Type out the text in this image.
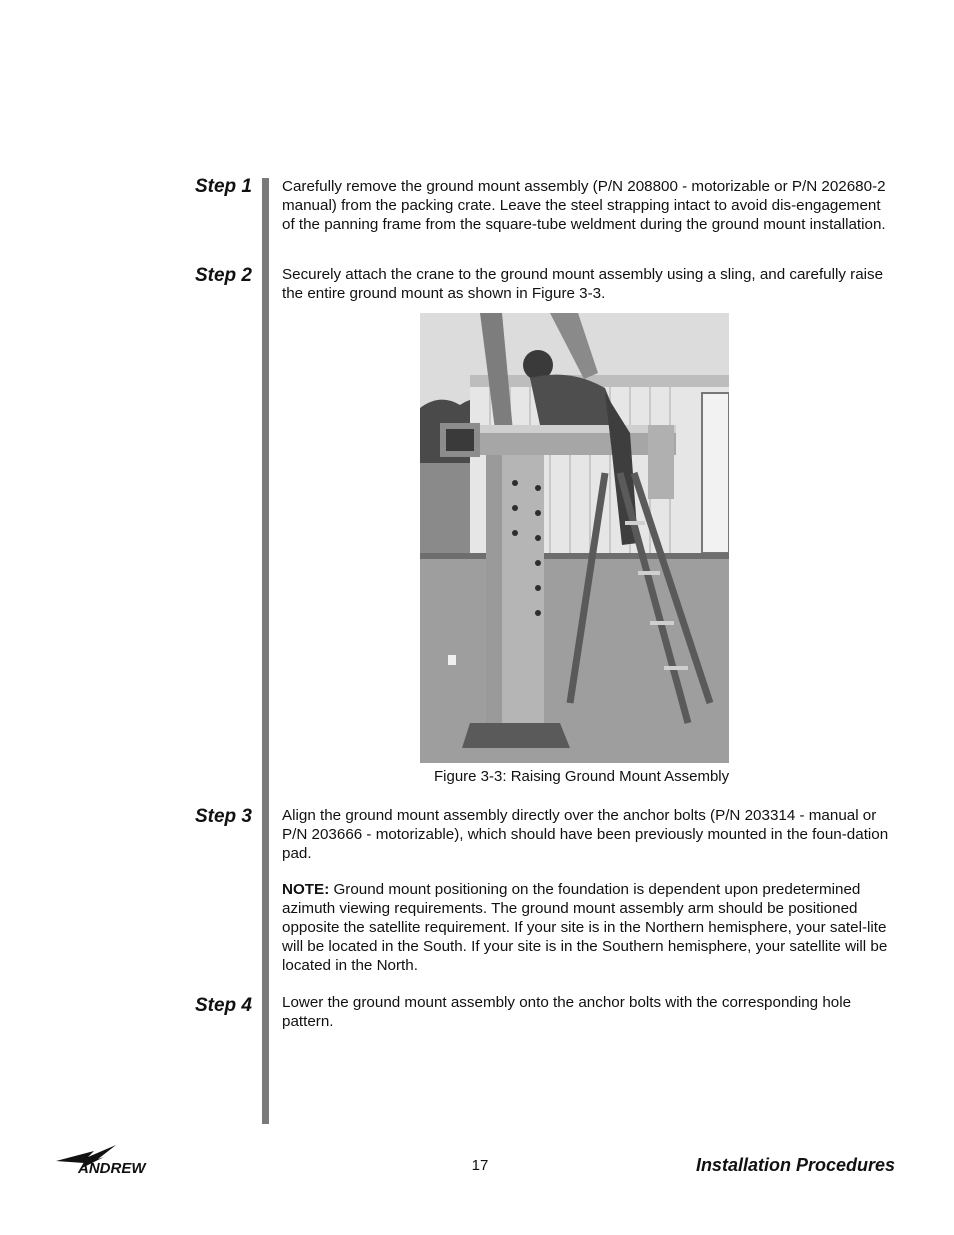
Step 1 Carefully remove the ground mount assembly (P/N 208800 - motorizable or P/N 202680-2 manual) from the packing crate. Leave the steel strapping intact to avoid dis-engagement of the panning frame from the square-tube weldment during the ground mount installation.
Step 2 Securely attach the crane to the ground mount assembly using a sling, and carefully raise the entire ground mount as shown in Figure 3-3.
Figure 3-3: Raising Ground Mount Assembly
Step 3 Align the ground mount assembly directly over the anchor bolts (P/N 203314 - manual or P/N 203666 - motorizable), which should have been previously mounted in the foun-dation pad.
NOTE: Ground mount positioning on the foundation is dependent upon predetermined azimuth viewing requirements. The ground mount assembly arm should be positioned opposite the satellite requirement. If your site is in the Northern hemisphere, your satel-lite will be located in the South. If your site is in the Southern hemisphere, your satellite will be located in the North.
Step 4 Lower the ground mount assembly onto the anchor bolts with the corresponding hole pattern.
ANDREW	17	Installation Procedures
